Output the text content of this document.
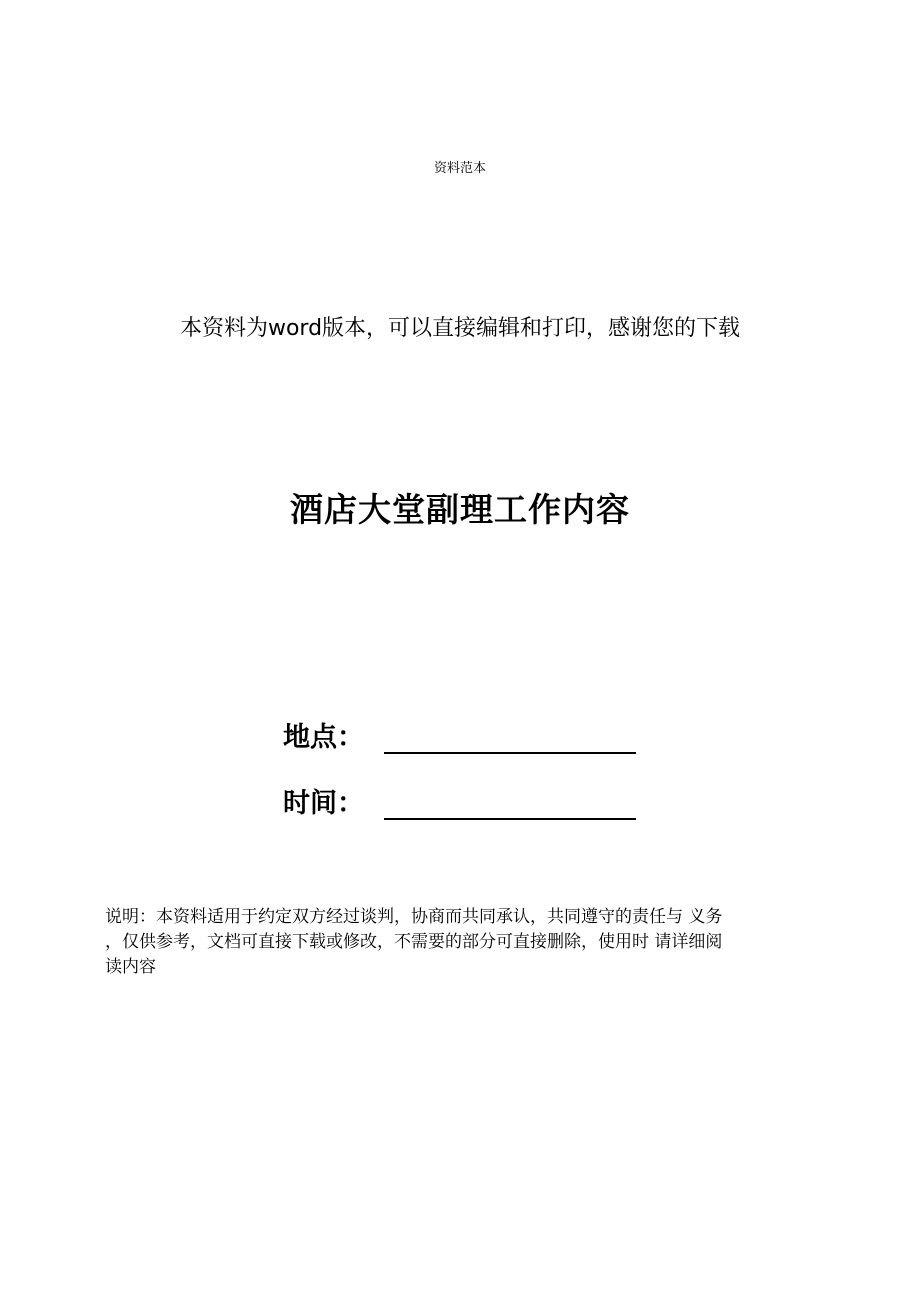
资料范本
本资料为word版本，可以直接编辑和打印，感谢您的下载
酒店大堂副理工作内容
地点：
时间：
说明：本资料适用于约定双方经过谈判，协商而共同承认，共同遵守的责任与 义务
，仅供参考，文档可直接下载或修改，不需要的部分可直接删除，使用时 请详细阅
读内容
